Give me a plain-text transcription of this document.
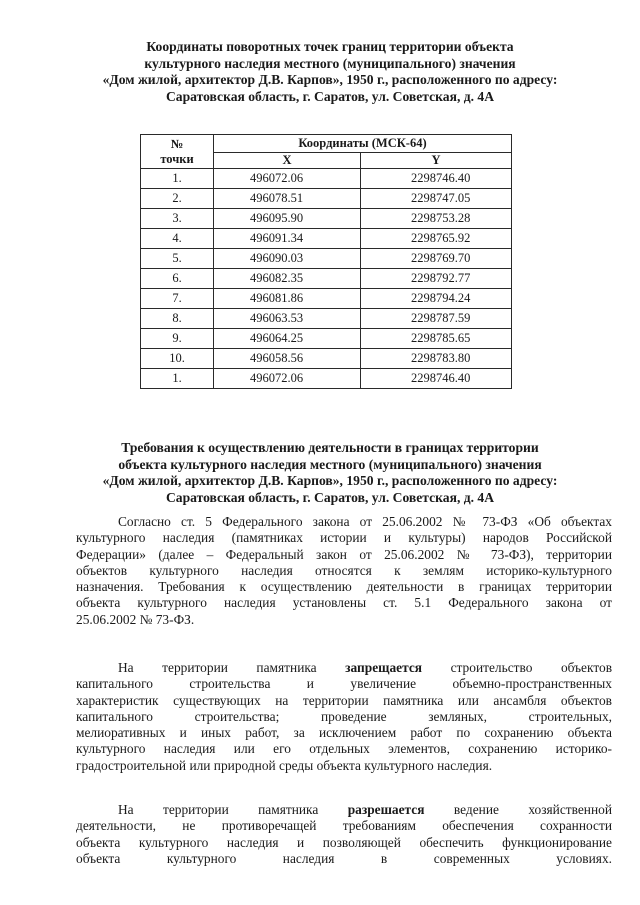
Координаты поворотных точек границ территории объекта
культурного наследия местного (муниципального) значения
«Дом жилой, архитектор Д.В. Карпов», 1950 г., расположенного по адресу:
Саратовская область, г. Саратов, ул. Советская, д. 4А
№
точки	Координаты (МСК-64)	
	X	Y
1.	496072.06	2298746.40
2.	496078.51	2298747.05
3.	496095.90	2298753.28
4.	496091.34	2298765.92
5.	496090.03	2298769.70
6.	496082.35	2298792.77
7.	496081.86	2298794.24
8.	496063.53	2298787.59
9.	496064.25	2298785.65
10.	496058.56	2298783.80
1.	496072.06	2298746.40
Требования к осуществлению деятельности в границах территории
объекта культурного наследия местного (муниципального) значения
«Дом жилой, архитектор Д.В. Карпов», 1950 г., расположенного по адресу:
Саратовская область, г. Саратов, ул. Советская, д. 4А
Согласно ст. 5 Федерального закона от 25.06.2002 № 73-ФЗ «Об объектах
культурного наследия (памятниках истории и культуры) народов Российской
Федерации» (далее – Федеральный закон от 25.06.2002 № 73-ФЗ), территории
объектов культурного наследия относятся к землям историко-культурного
назначения. Требования к осуществлению деятельности в границах территории
объекта культурного наследия установлены ст. 5.1 Федерального закона от
25.06.2002 № 73-ФЗ.
На территории памятника запрещается строительство объектов
капитального строительства и увеличение объемно-пространственных
характеристик существующих на территории памятника или ансамбля объектов
капитального строительства; проведение земляных, строительных,
мелиоративных и иных работ, за исключением работ по сохранению объекта
культурного наследия или его отдельных элементов, сохранению историко-
градостроительной или природной среды объекта культурного наследия.
На территории памятника разрешается ведение хозяйственной
деятельности, не противоречащей требованиям обеспечения сохранности
объекта культурного наследия и позволяющей обеспечить функционирование
объекта культурного наследия в современных условиях.
